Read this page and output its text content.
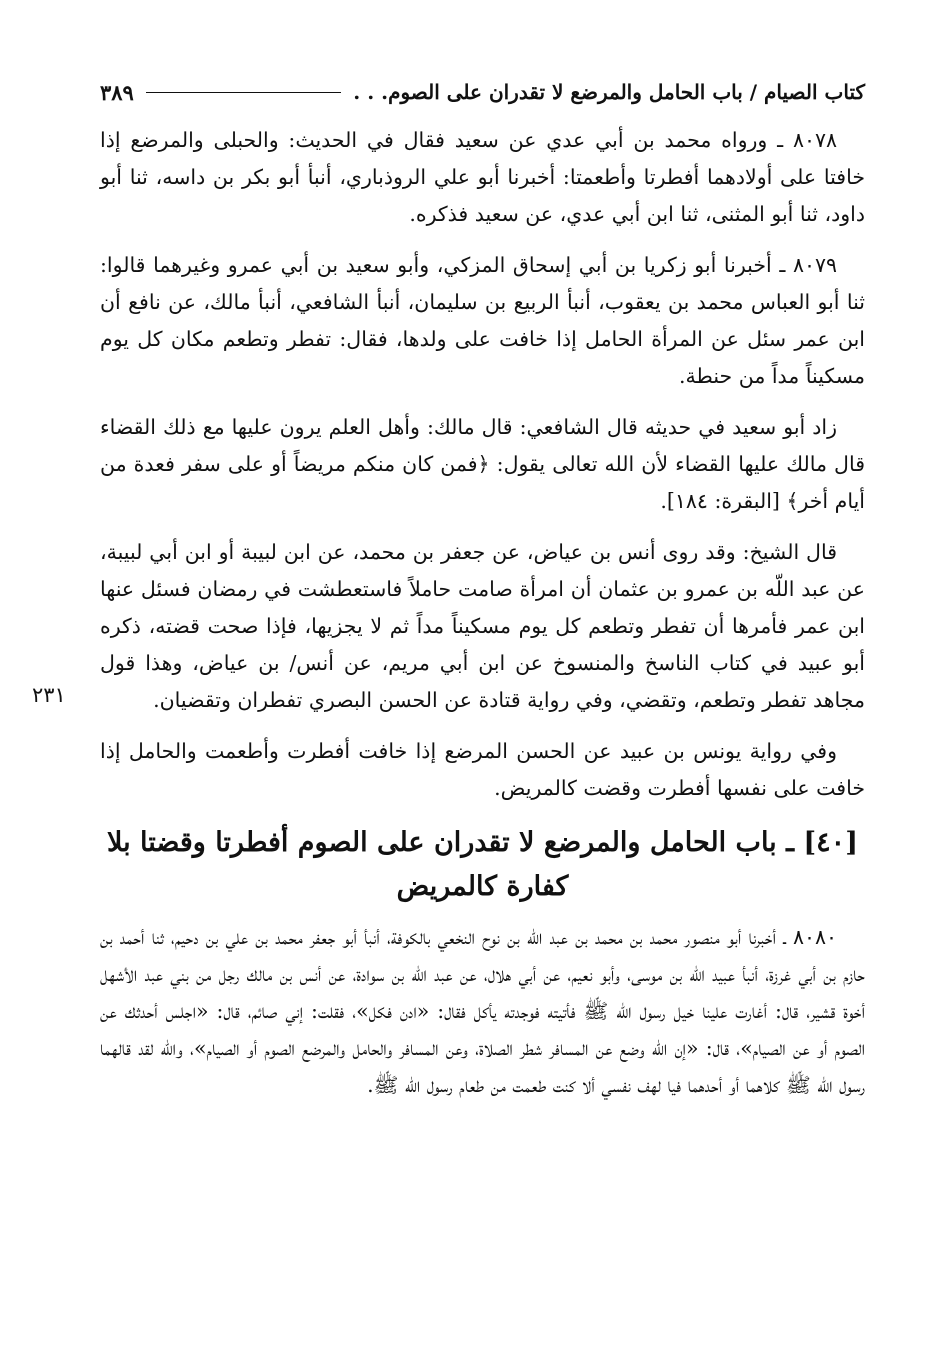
كتاب الصيام / باب الحامل والمرضع لا تقدران على الصوم. . .
٣٨٩

٨٠٧٨ ـ ورواه محمد بن أبي عدي عن سعيد فقال في الحديث: والحبلى والمرضع إذا خافتا على أولادهما أفطرتا وأطعمتا: أخبرنا أبو علي الروذباري، أنبأ أبو بكر بن داسه، ثنا أبو داود، ثنا أبو المثنى، ثنا ابن أبي عدي، عن سعيد فذكره.

٨٠٧٩ ـ أخبرنا أبو زكريا بن أبي إسحاق المزكي، وأبو سعيد بن أبي عمرو وغيرهما قالوا: ثنا أبو العباس محمد بن يعقوب، أنبأ الربيع بن سليمان، أنبأ الشافعي، أنبأ مالك، عن نافع أن ابن عمر سئل عن المرأة الحامل إذا خافت على ولدها، فقال: تفطر وتطعم مكان كل يوم مسكيناً مداً من حنطة.

زاد أبو سعيد في حديثه قال الشافعي: قال مالك: وأهل العلم يرون عليها مع ذلك القضاء قال مالك عليها القضاء لأن الله تعالى يقول: ﴿فمن كان منكم مريضاً أو على سفر فعدة من أيام أخر﴾ [البقرة: ١٨٤].

قال الشيخ: وقد روى أنس بن عياض، عن جعفر بن محمد، عن ابن لبيبة أو ابن أبي لبيبة، عن عبد اللّه بن عمرو بن عثمان أن امرأة صامت حاملاً فاستعطشت في رمضان فسئل عنها ابن عمر فأمرها أن تفطر وتطعم كل يوم مسكيناً مداً ثم لا يجزيها، فإذا صحت قضته، ذكره أبو عبيد في كتاب الناسخ والمنسوخ عن ابن أبي مريم، عن أنس/ بن عياض، وهذا قول مجاهد تفطر وتطعم، وتقضي، وفي رواية قتادة عن الحسن البصري تفطران وتقضيان.

وفي رواية يونس بن عبيد عن الحسن المرضع إذا خافت أفطرت وأطعمت والحامل إذا خافت على نفسها أفطرت وقضت كالمريض.

[٤٠] ـ باب الحامل والمرضع لا تقدران على الصوم أفطرتا وقضتا بلا كفارة كالمريض

٨٠٨٠ ـ أخبرنا أبو منصور محمد بن محمد بن عبد اللّه بن نوح النخعي بالكوفة، أنبأ أبو جعفر محمد بن علي بن دحيم، ثنا أحمد بن حازم بن أبي غرزة، أنبأ عبيد اللّه بن موسى، وأبو نعيم، عن أبي هلال، عن عبد اللّه بن سوادة، عن أنس بن مالك رجل من بني عبد الأشهل أخوة قشير، قال: أغارت علينا خيل رسول الله ﷺ فأتيته فوجدته يأكل فقال: «ادن فكل»، فقلت: إني صائم، قال: «اجلس أحدثك عن الصوم أو عن الصيام»، قال: «إن الله وضع عن المسافر شطر الصلاة، وعن المسافر والحامل والمرضع الصوم أو الصيام»، والله لقد قالهما رسول الله ﷺ كلاهما أو أحدهما فيا لهف نفسي ألا كنت طعمت من طعام رسول الله ﷺ.

٢٣١
